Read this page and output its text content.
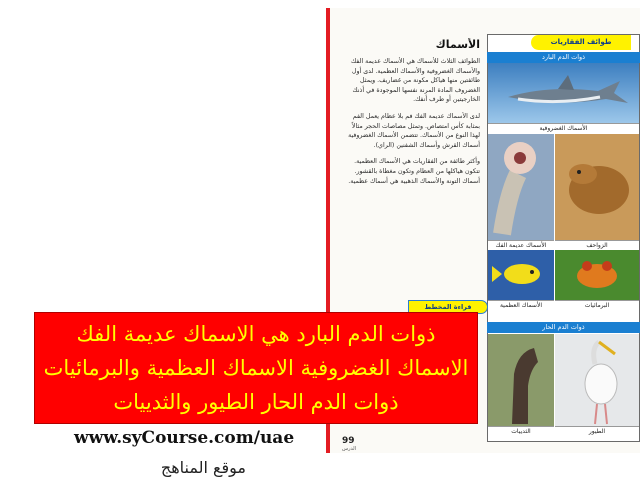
الأسماك

الطوائف الثلاث للأسماك هي الأسماك عديمة الفك والأسماك الغضروفية والأسماك العظمية. لدى أول طائفتين منها هياكل مكونة من غضاريف. ويمثل الغضروف المادة المرنة نفسها الموجودة في أذنك الخارجيتين أو طرف أنفك.

لدى الأسماك عديمة الفك فم بلا عظام يعمل الفم بمثابة كأس امتصاص. وتمثل مصاصات الحجر مثالاً لهذا النوع من الأسماك. تتضمن الأسماك الغضروفية أسماك القرش وأسماك الشفنين (الراي).

وأكثر طائفة من الفقاريات هي الأسماك العظمية. تتكون هياكلها من العظام وتكون مغطاة بالقشور. أسماك التونة والأسماك الذهبية هي أسماك عظمية.

طوائف الفقاريات
ذوات الدم البارد
الأسماك الغضروفية
الأسماك عديمة الفك	الزواحف
الأسماك العظمية	البرمائيات
ذوات الدم الحار
الثدييات	الطيور
قراءة المخطط
99
الدرس
ذوات الدم البارد هي الاسماك عديمة الفك
الاسماك الغضروفية الاسماك العظمية والبرمائيات
ذوات الدم الحار الطيور والثدييات
www.syCourse.com/uae
موقع المناهج
